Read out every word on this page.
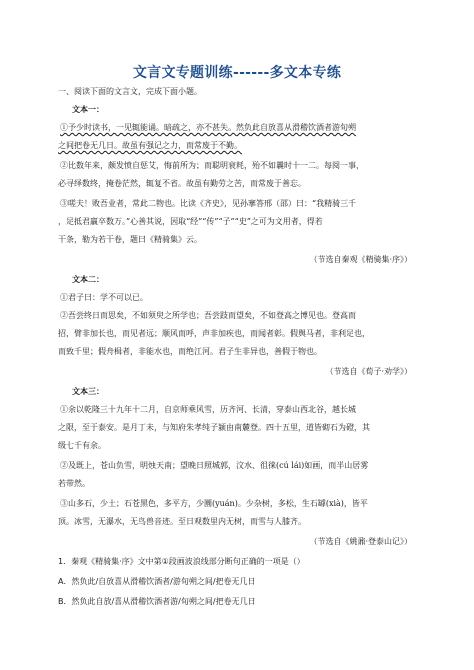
文言文专题训练------多文本专练
一、阅读下面的文言文，完成下面小题。
文本一：
①予少时读书，一见辄能诵。暗疏之，亦不甚失。然负此自放喜从滑稽饮酒者游旬朔
之间把卷无几日。故虽有强记之力，而常废于不勤。
②比数年来，颇发愤自惩艾，悔前所为；而聪明衰耗，殆不如曩时十一二。每阅一事，
必寻绎数终，掩卷茫然，辄复不省。故虽有勤劳之苦，而常废于善忘。
③嗟夫！败吾业者，常此二物也。比读《齐史》，见孙搴答邢（邵）曰：“我精骑三千
，足抵君羸卒数万。”心善其说，因取“经”“传”“子”“史”之可为文用者，得若
干条，勒为若干卷，题曰《精骑集》云。
（节选自秦观《精骑集·序》）
文本二：
①君子曰：学不可以已。
②吾尝终日而思矣，不如须臾之所学也；吾尝跂而望矣，不如登高之博见也。登高而
招，臂非加长也，而见者远；顺风而呼，声非加疾也，而闻者彰。假舆马者，非利足也，
而致千里；假舟楫者，非能水也，而绝江河。君子生非异也，善假于物也。
（节选自《荀子·劝学》）
文本三：
①余以乾隆三十九年十二月，自京师乘风雪，历齐河、长清，穿泰山西北谷，越长城
之限，至于泰安。是月丁未，与知府朱孝纯子颍由南麓登。四十五里，道皆砌石为磴，其
级七千有余。
②及既上，苍山负雪，明烛天南；望晚日照城郭，汶水、徂徕(cú lái)如画，而半山居雾
若带然。
③山多石，少土；石苍黑色，多平方，少圜(yuán)。少杂树，多松，生石罅(xià)，皆平
顶。冰雪，无瀑水，无鸟兽音迹。至日观数里内无树，而雪与人膝齐。
（节选自《姚鼐·登泰山记》）
1．秦观《精骑集·序》文中第①段画波浪线部分断句正确的一项是（）
A．然负此/自放喜从滑稽饮酒者/游旬朔之间/把卷无几日
B．然负此自放/喜从滑稽饮酒者游/旬朔之间/把卷无几日
